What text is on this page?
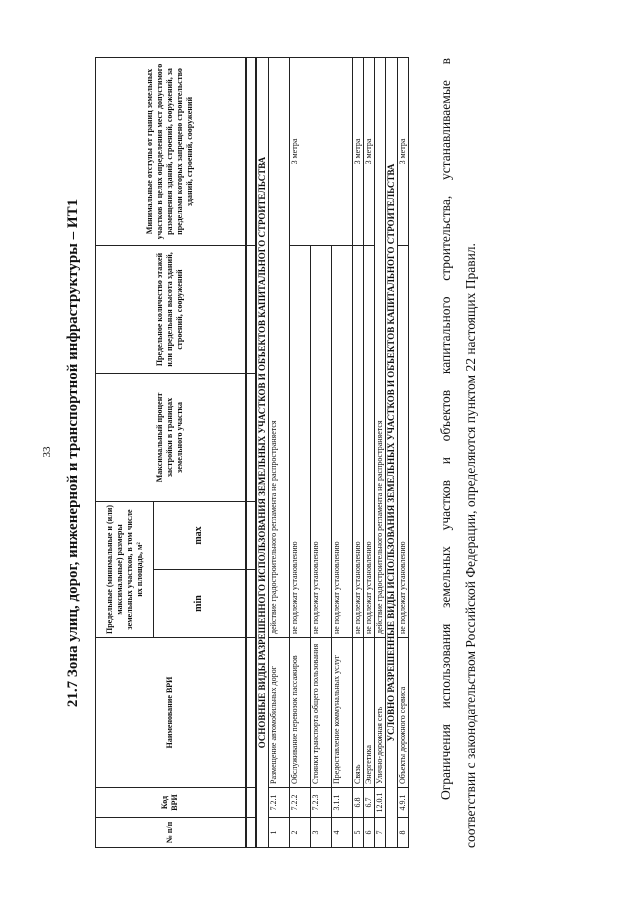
33 21.7 Зона улиц, дорог, инженерной и транспортной инфраструктуры – ИТ1
№ п/п	Код ВРИ	Наименование ВРИ	Предельные (минимальные и (или) максимальные) размеры земельных участков, в том числе их площадь, м²		Максимальный процент застройки в границах земельного участка	Предельное количество этажей или предельная высота зданий, строений, сооружений	Минимальные отступы от границ земельных участков в целях определения мест допустимого размещения зданий, строений, сооружений, за пределами которых запрещено строительство зданий, строений, сооружений
			min	max			

ОСНОВНЫЕ ВИДЫ РАЗРЕШЕННОГО ИСПОЛЬЗОВАНИЯ ЗЕМЕЛЬНЫХ УЧАСТКОВ И ОБЪЕКТОВ КАПИТАЛЬНОГО СТРОИТЕЛЬСТВА							
1	7.2.1	Размещение автомобильных дорог	действие градостроительного регламента не распространяется				
2	7.2.2	Обслуживание перевозок пассажиров	не подлежат установлению				3 метра
3	7.2.3	Стоянки транспорта общего пользования	не подлежат установлению				
4	3.1.1	Предоставление коммунальных услуг	не подлежат установлению				
5	6.8	Связь	не подлежат установлению				3 метра
6	6.7	Энергетика	не подлежат установлению				3 метра
7	12.0.1	Улично-дорожная сеть	действие градостроительного регламента не распространяется				
УСЛОВНО РАЗРЕШЕННЫЕ ВИДЫ ИСПОЛЬЗОВАНИЯ ЗЕМЕЛЬНЫХ УЧАСТКОВ И ОБЪЕКТОВ КАПИТАЛЬНОГО СТРОИТЕЛЬСТВА							
8	4.9.1	Объекты дорожного сервиса	не подлежат установлению				3 метра	Ограничения использования земельных участков и объектов капитального строительства, устанавливаемые в соответствии с законодательством Российской Федерации, определяются пунктом 22 настоящих Правил.
